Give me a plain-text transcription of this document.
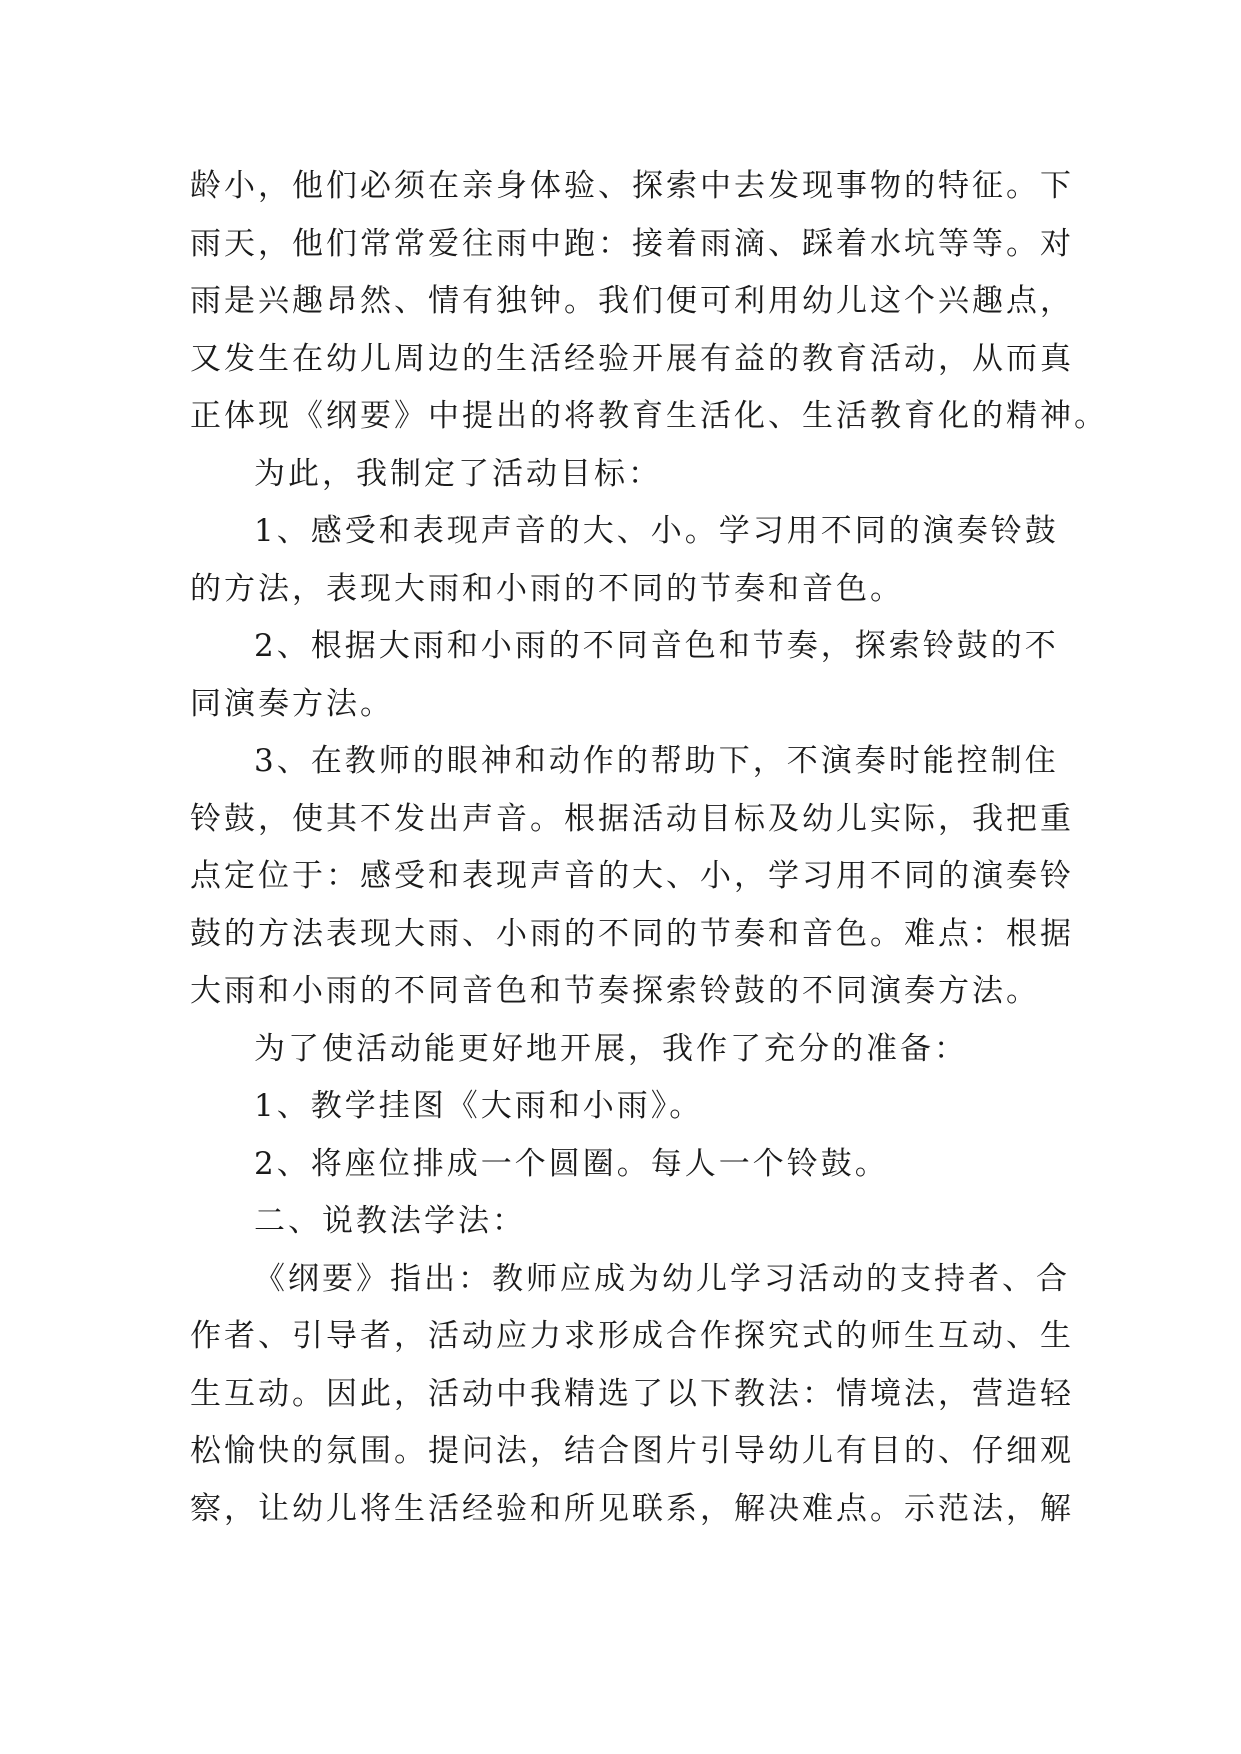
龄小，他们必须在亲身体验、探索中去发现事物的特征。下
雨天，他们常常爱往雨中跑：接着雨滴、踩着水坑等等。对
雨是兴趣昂然、情有独钟。我们便可利用幼儿这个兴趣点，
又发生在幼儿周边的生活经验开展有益的教育活动，从而真
正体现《纲要》中提出的将教育生活化、生活教育化的精神。
为此，我制定了活动目标：
1、感受和表现声音的大、小。学习用不同的演奏铃鼓
的方法，表现大雨和小雨的不同的节奏和音色。
2、根据大雨和小雨的不同音色和节奏，探索铃鼓的不
同演奏方法。
3、在教师的眼神和动作的帮助下，不演奏时能控制住
铃鼓，使其不发出声音。根据活动目标及幼儿实际，我把重
点定位于：感受和表现声音的大、小，学习用不同的演奏铃
鼓的方法表现大雨、小雨的不同的节奏和音色。难点：根据
大雨和小雨的不同音色和节奏探索铃鼓的不同演奏方法。
为了使活动能更好地开展，我作了充分的准备：
1、教学挂图《大雨和小雨》。
2、将座位排成一个圆圈。每人一个铃鼓。
二、说教法学法：
《纲要》指出：教师应成为幼儿学习活动的支持者、合
作者、引导者，活动应力求形成合作探究式的师生互动、生
生互动。因此，活动中我精选了以下教法：情境法，营造轻
松愉快的氛围。提问法，结合图片引导幼儿有目的、仔细观
察，让幼儿将生活经验和所见联系，解决难点。示范法，解
